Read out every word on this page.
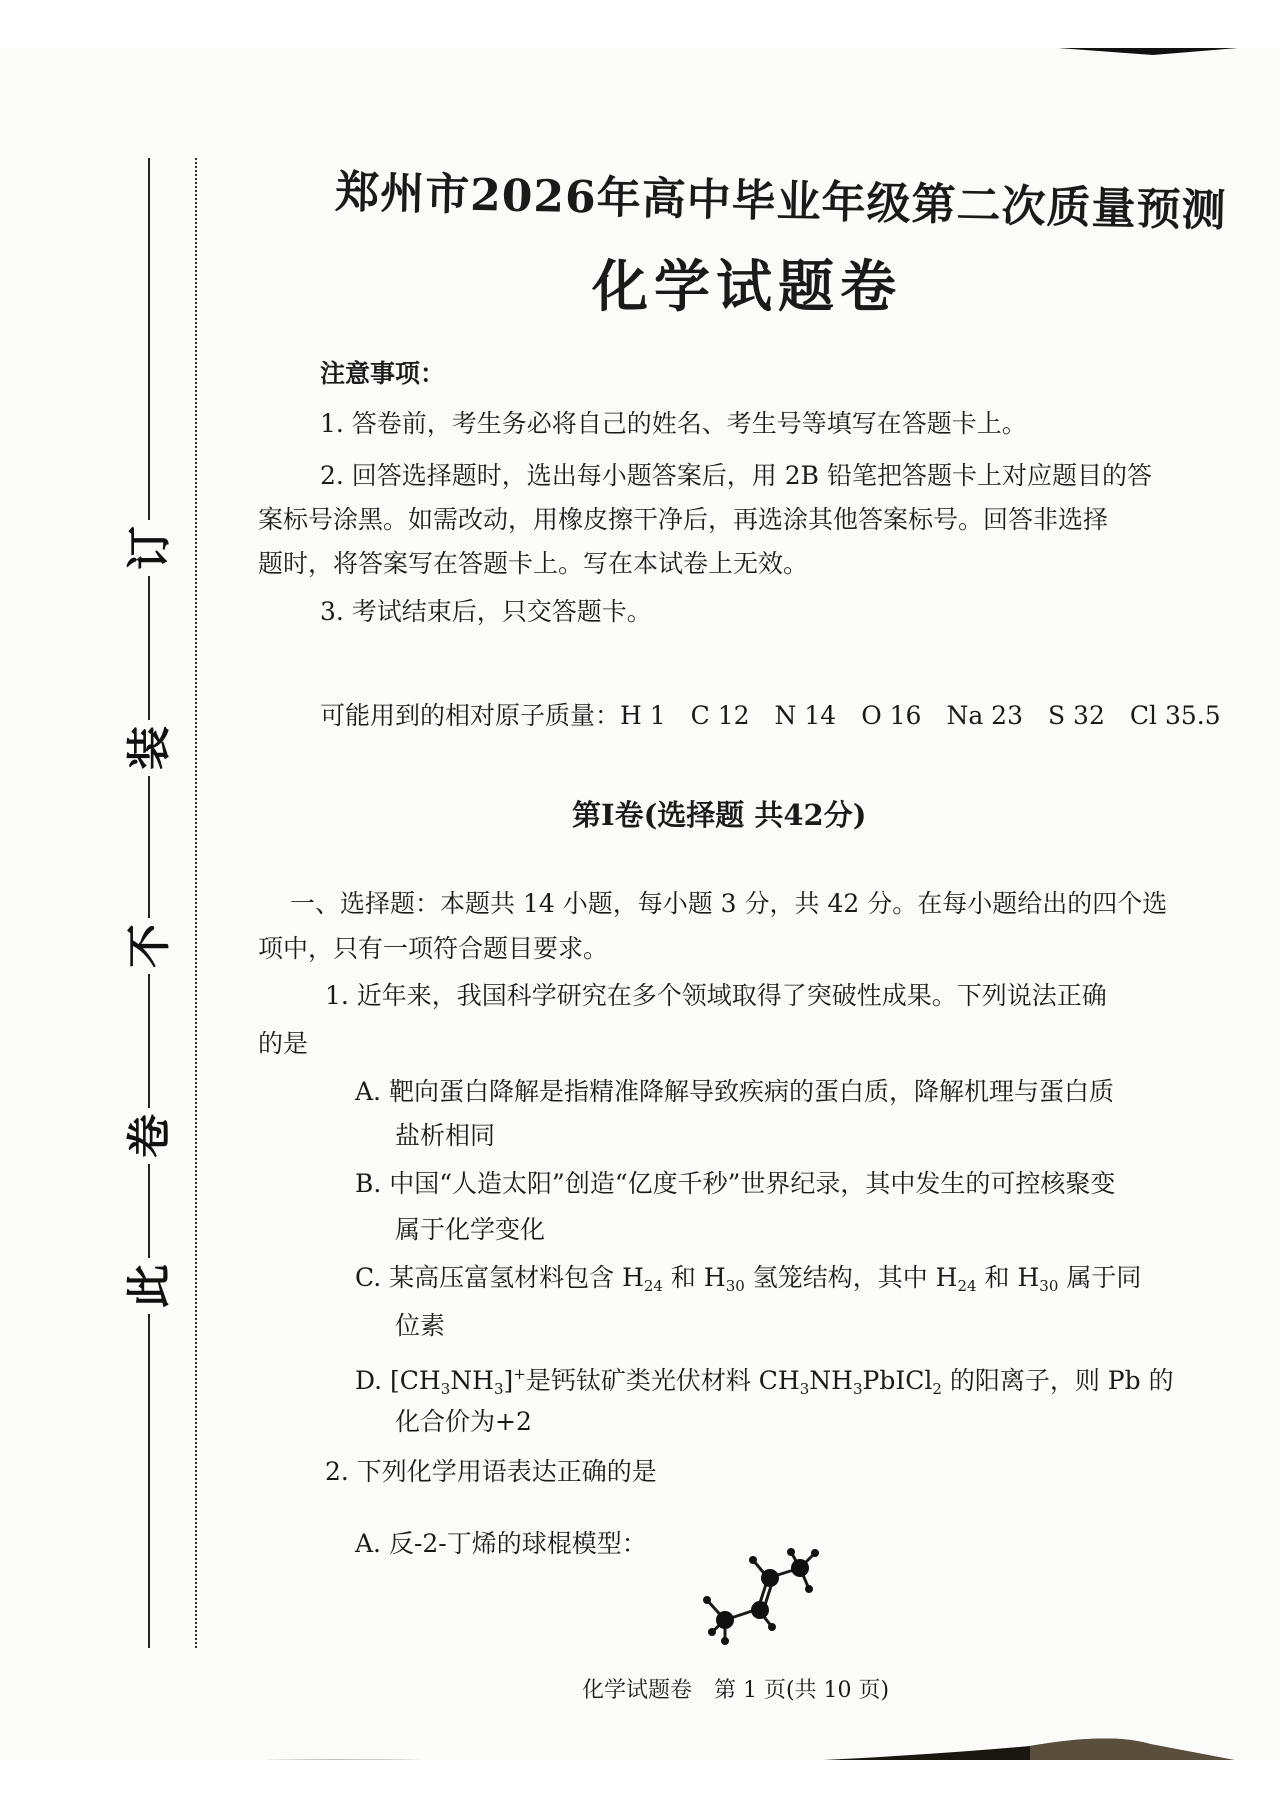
订
装
不
卷
此
郑州市2026年高中毕业年级第二次质量预测
化学试题卷
注意事项：
1. 答卷前，考生务必将自己的姓名、考生号等填写在答题卡上。
2. 回答选择题时，选出每小题答案后，用 2B 铅笔把答题卡上对应题目的答
案标号涂黑。如需改动，用橡皮擦干净后，再选涂其他答案标号。回答非选择
题时，将答案写在答题卡上。写在本试卷上无效。
3. 考试结束后，只交答题卡。
可能用到的相对原子质量：H 1　C 12　N 14　O 16　Na 23　S 32　Cl 35.5
第Ⅰ卷(选择题 共42分)
一、选择题：本题共 14 小题，每小题 3 分，共 42 分。在每小题给出的四个选
项中，只有一项符合题目要求。
1. 近年来，我国科学研究在多个领域取得了突破性成果。下列说法正确
的是
A. 靶向蛋白降解是指精准降解导致疾病的蛋白质，降解机理与蛋白质
盐析相同
B. 中国“人造太阳”创造“亿度千秒”世界纪录，其中发生的可控核聚变
属于化学变化
C. 某高压富氢材料包含 $H_{24}$ 和 $H_{30}$ 氢笼结构，其中 $H_{24}$ 和 $H_{30}$ 属于同
位素
D. $[CH_3NH_3]^+$是钙钛矿类光伏材料 $CH_3NH_3PbICl_2$ 的阳离子，则 Pb 的
化合价为+2
2. 下列化学用语表达正确的是
A. 反-2-丁烯的球棍模型：
化学试题卷　第 1 页(共 10 页)
